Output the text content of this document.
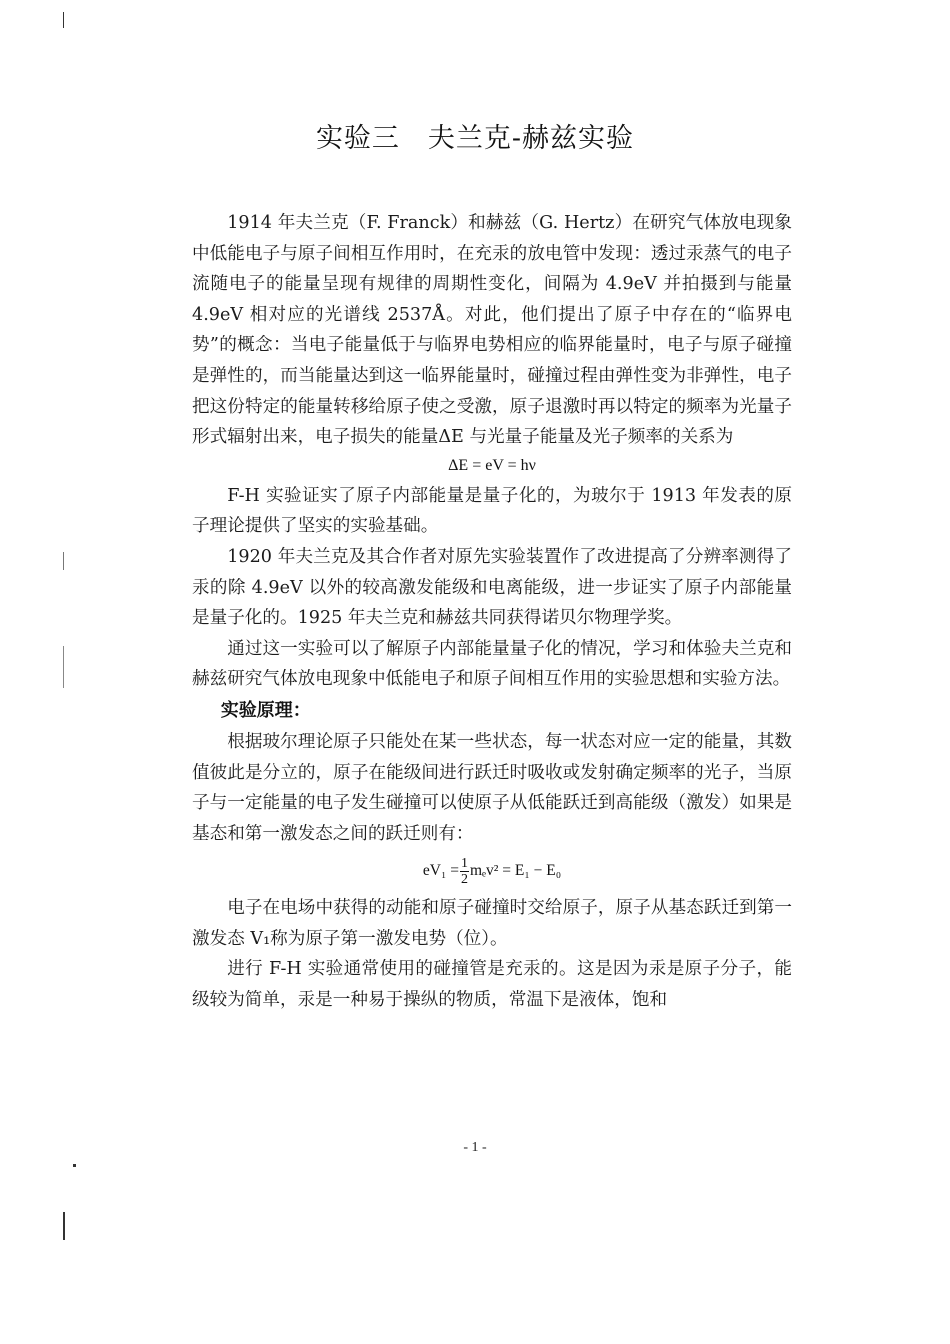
实验三　夫兰克-赫兹实验

1914 年夫兰克（F. Franck）和赫兹（G. Hertz）在研究气体放电现象中低能电子与原子间相互作用时，在充汞的放电管中发现：透过汞蒸气的电子流随电子的能量呈现有规律的周期性变化，间隔为 4.9eV 并拍摄到与能量 4.9eV 相对应的光谱线 2537Å。对此，他们提出了原子中存在的“临界电势”的概念：当电子能量低于与临界电势相应的临界能量时，电子与原子碰撞是弹性的，而当能量达到这一临界能量时，碰撞过程由弹性变为非弹性，电子把这份特定的能量转移给原子使之受激，原子退激时再以特定的频率为光量子形式辐射出来，电子损失的能量ΔE 与光量子能量及光子频率的关系为

ΔE = eV = hν

F-H 实验证实了原子内部能量是量子化的，为玻尔于 1913 年发表的原子理论提供了坚实的实验基础。

1920 年夫兰克及其合作者对原先实验装置作了改进提高了分辨率测得了汞的除 4.9eV 以外的较高激发能级和电离能级，进一步证实了原子内部能量是量子化的。1925 年夫兰克和赫兹共同获得诺贝尔物理学奖。

通过这一实验可以了解原子内部能量量子化的情况，学习和体验夫兰克和赫兹研究气体放电现象中低能电子和原子间相互作用的实验思想和实验方法。

实验原理：

根据玻尔理论原子只能处在某一些状态，每一状态对应一定的能量，其数值彼此是分立的，原子在能级间进行跃迁时吸收或发射确定频率的光子，当原子与一定能量的电子发生碰撞可以使原子从低能跃迁到高能级（激发）如果是基态和第一激发态之间的跃迁则有：

$eV_1 = \frac{1}{2} m_ev^2 = E_1 - E_0$

电子在电场中获得的动能和原子碰撞时交给原子，原子从基态跃迁到第一激发态 V₁称为原子第一激发电势（位）。

进行 F-H 实验通常使用的碰撞管是充汞的。这是因为汞是原子分子，能级较为简单，汞是一种易于操纵的物质，常温下是液体，饱和

- 1 -
